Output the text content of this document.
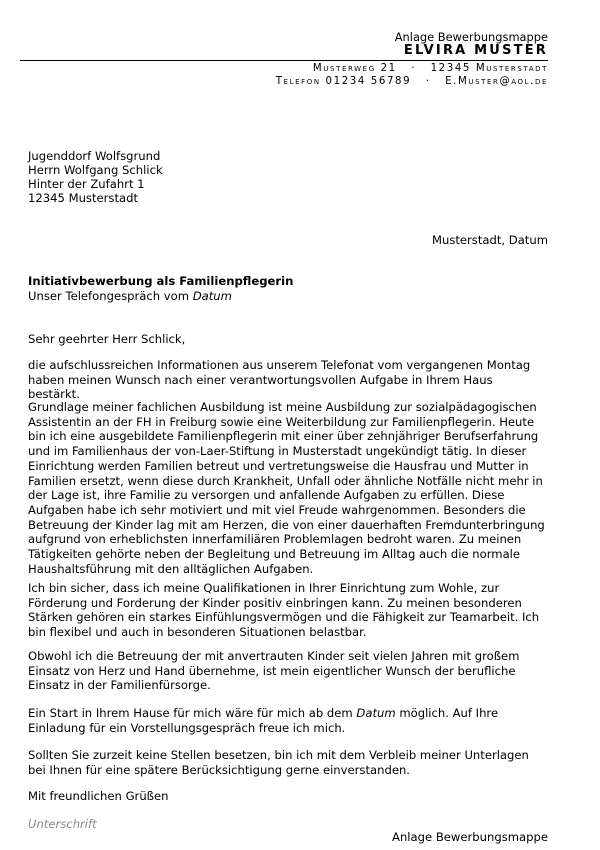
Anlage Bewerbungsmappe
ELVIRA MUSTER
Musterweg 21   ·   12345 Musterstadt
Telefon 01234 56789   ·   E.Muster@aol.de
Jugenddorf Wolfsgrund
Herrn Wolfgang Schlick
Hinter der Zufahrt 1
12345 Musterstadt
Musterstadt, Datum
Initiativbewerbung als Familienpflegerin
Unser Telefongespräch vom Datum
Sehr geehrter Herr Schlick,
die aufschlussreichen Informationen aus unserem Telefonat vom vergangenen Montag haben meinen Wunsch nach einer verantwortungsvollen Aufgabe in Ihrem Haus bestärkt.
Grundlage meiner fachlichen Ausbildung ist meine Ausbildung zur sozialpädagogischen Assistentin an der FH in Freiburg sowie eine Weiterbildung zur Familienpflegerin. Heute bin ich eine ausgebildete Familienpflegerin mit einer über zehnjähriger Berufserfahrung und im Familienhaus der von-Laer-Stiftung in Musterstadt ungekündigt tätig. In dieser Einrichtung werden Familien betreut und vertretungsweise die Hausfrau und Mutter in Familien ersetzt, wenn diese durch Krankheit, Unfall oder ähnliche Notfälle nicht mehr in der Lage ist, ihre Familie zu versorgen und anfallende Aufgaben zu erfüllen. Diese Aufgaben habe ich sehr motiviert und mit viel Freude wahrgenommen. Besonders die Betreuung der Kinder lag mit am Herzen, die von einer dauerhaften Fremdunterbringung aufgrund von erheblichsten innerfamiliären Problemlagen bedroht waren. Zu meinen Tätigkeiten gehörte neben der Begleitung und Betreuung im Alltag auch die normale Haushaltsführung mit den alltäglichen Aufgaben.
Ich bin sicher, dass ich meine Qualifikationen in Ihrer Einrichtung zum Wohle, zur Förderung und Forderung der Kinder positiv einbringen kann. Zu meinen besonderen Stärken gehören ein starkes Einfühlungsvermögen und die Fähigkeit zur Teamarbeit. Ich bin flexibel und auch in besonderen Situationen belastbar.
Obwohl ich die Betreuung der mit anvertrauten Kinder seit vielen Jahren mit großem Einsatz von Herz und Hand übernehme, ist mein eigentlicher Wunsch der berufliche Einsatz in der Familienfürsorge.
Ein Start in Ihrem Hause für mich wäre für mich ab dem Datum möglich. Auf Ihre Einladung für ein Vorstellungsgespräch freue ich mich.
Sollten Sie zurzeit keine Stellen besetzen, bin ich mit dem Verbleib meiner Unterlagen bei Ihnen für eine spätere Berücksichtigung gerne einverstanden.
Mit freundlichen Grüßen
Unterschrift
Anlage Bewerbungsmappe
